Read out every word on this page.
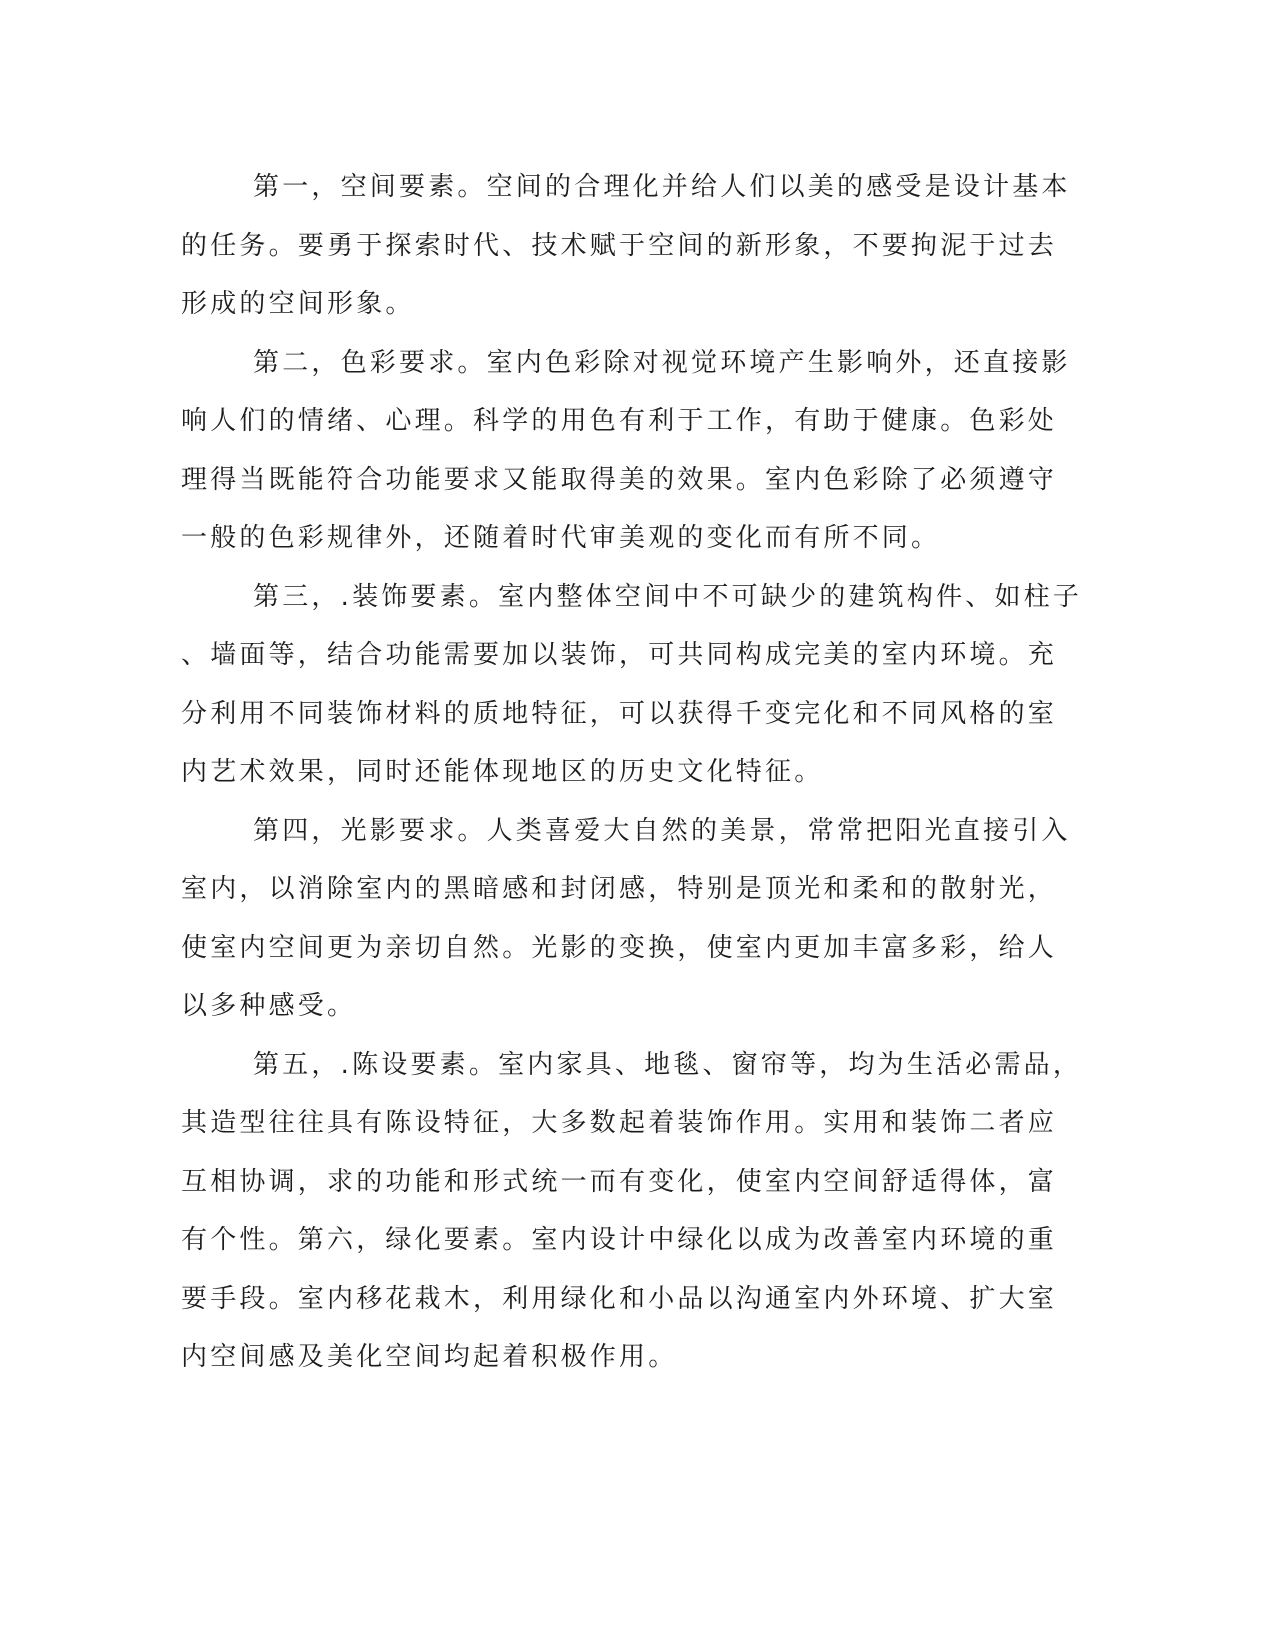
第一，空间要素。空间的合理化并给人们以美的感受是设计基本
的任务。要勇于探索时代、技术赋于空间的新形象，不要拘泥于过去
形成的空间形象。
第二，色彩要求。室内色彩除对视觉环境产生影响外，还直接影
响人们的情绪、心理。科学的用色有利于工作，有助于健康。色彩处
理得当既能符合功能要求又能取得美的效果。室内色彩除了必须遵守
一般的色彩规律外，还随着时代审美观的变化而有所不同。
第三，.装饰要素。室内整体空间中不可缺少的建筑构件、如柱子
、墙面等，结合功能需要加以装饰，可共同构成完美的室内环境。充
分利用不同装饰材料的质地特征，可以获得千变完化和不同风格的室
内艺术效果，同时还能体现地区的历史文化特征。
第四，光影要求。人类喜爱大自然的美景，常常把阳光直接引入
室内，以消除室内的黑暗感和封闭感，特别是顶光和柔和的散射光，
使室内空间更为亲切自然。光影的变换，使室内更加丰富多彩，给人
以多种感受。
第五，.陈设要素。室内家具、地毯、窗帘等，均为生活必需品，
其造型往往具有陈设特征，大多数起着装饰作用。实用和装饰二者应
互相协调，求的功能和形式统一而有变化，使室内空间舒适得体，富
有个性。第六，绿化要素。室内设计中绿化以成为改善室内环境的重
要手段。室内移花栽木，利用绿化和小品以沟通室内外环境、扩大室
内空间感及美化空间均起着积极作用。
